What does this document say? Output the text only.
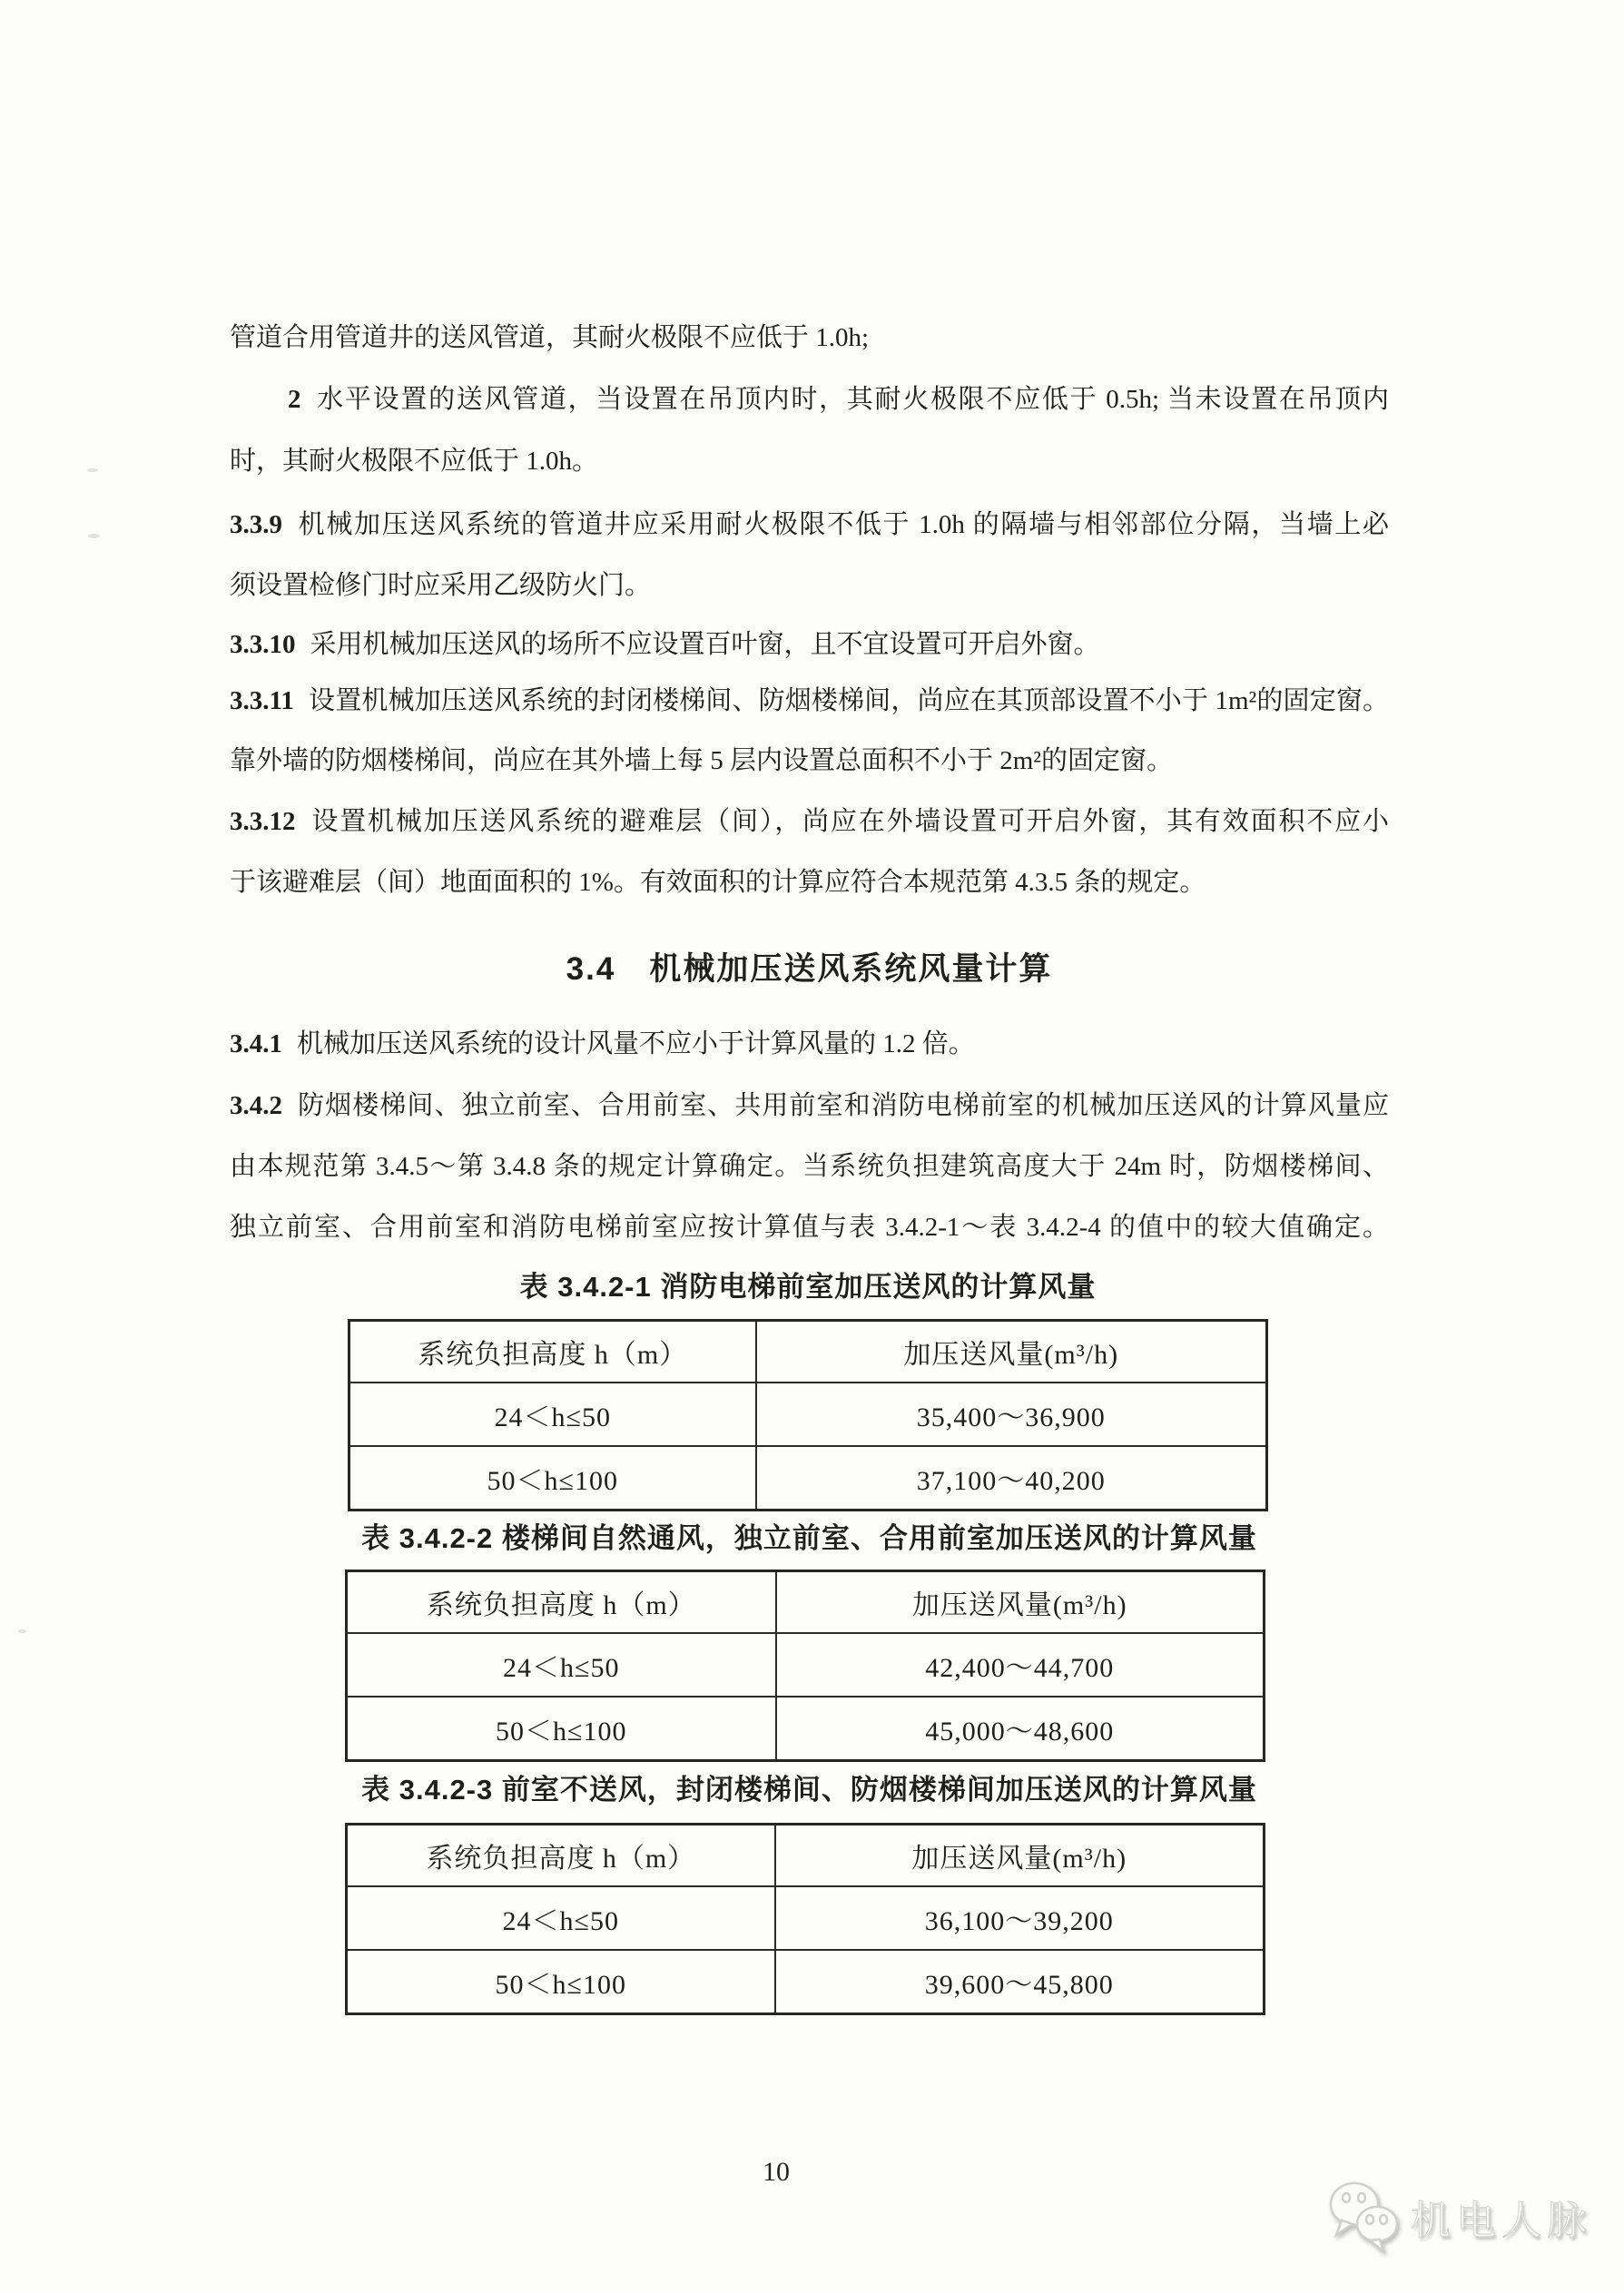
管道合用管道井的送风管道，其耐火极限不应低于 1.0h;
2 水平设置的送风管道，当设置在吊顶内时，其耐火极限不应低于 0.5h; 当未设置在吊顶内
时，其耐火极限不应低于 1.0h。
3.3.9 机械加压送风系统的管道井应采用耐火极限不低于 1.0h 的隔墙与相邻部位分隔，当墙上必
须设置检修门时应采用乙级防火门。
3.3.10 采用机械加压送风的场所不应设置百叶窗，且不宜设置可开启外窗。
3.3.11 设置机械加压送风系统的封闭楼梯间、防烟楼梯间，尚应在其顶部设置不小于 1m²的固定窗。
靠外墙的防烟楼梯间，尚应在其外墙上每 5 层内设置总面积不小于 2m²的固定窗。
3.3.12 设置机械加压送风系统的避难层（间），尚应在外墙设置可开启外窗，其有效面积不应小
于该避难层（间）地面面积的 1%。有效面积的计算应符合本规范第 4.3.5 条的规定。
3.4　机械加压送风系统风量计算
3.4.1 机械加压送风系统的设计风量不应小于计算风量的 1.2 倍。
3.4.2 防烟楼梯间、独立前室、合用前室、共用前室和消防电梯前室的机械加压送风的计算风量应
由本规范第 3.4.5～第 3.4.8 条的规定计算确定。当系统负担建筑高度大于 24m 时，防烟楼梯间、
独立前室、合用前室和消防电梯前室应按计算值与表 3.4.2-1～表 3.4.2-4 的值中的较大值确定。
表 3.4.2-1 消防电梯前室加压送风的计算风量
系统负担高度 h（m）	加压送风量(m³/h)
24＜h≤50	35,400～36,900
50＜h≤100	37,100～40,200
表 3.4.2-2 楼梯间自然通风，独立前室、合用前室加压送风的计算风量
系统负担高度 h（m）	加压送风量(m³/h)
24＜h≤50	42,400～44,700
50＜h≤100	45,000～48,600
表 3.4.2-3 前室不送风，封闭楼梯间、防烟楼梯间加压送风的计算风量
系统负担高度 h（m）	加压送风量(m³/h)
24＜h≤50	36,100～39,200
50＜h≤100	39,600～45,800
10
机电人脉
